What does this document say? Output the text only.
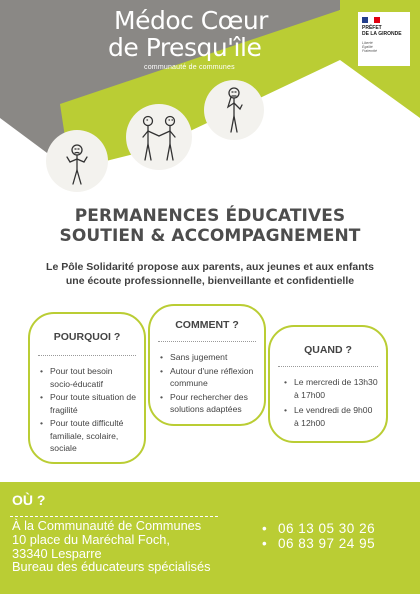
Médoc Cœur
de Presqu'île
communauté de communes
PRÉFET
DE LA GIRONDE
Liberté
Égalité
Fraternité
PERMANENCES ÉDUCATIVES
SOUTIEN & ACCOMPAGNEMENT
Le Pôle Solidarité propose aux parents, aux jeunes et aux enfants
une écoute professionnelle, bienveillante et confidentielle
POURQUOI ?
• Pour tout besoin socio-éducatif
• Pour toute situation de fragilité
• Pour toute difficulté familiale, scolaire, sociale
COMMENT ?
• Sans jugement
• Autour d'une réflexion commune
• Pour rechercher des solutions adaptées
QUAND ?
• Le mercredi de 13h30 à 17h00
• Le vendredi de 9h00 à 12h00
OÙ ?
À la Communauté de Communes
10 place du Maréchal Foch,
33340 Lesparre
Bureau des éducateurs spécialisés
• 06 13 05 30 26
• 06 83 97 24 95
